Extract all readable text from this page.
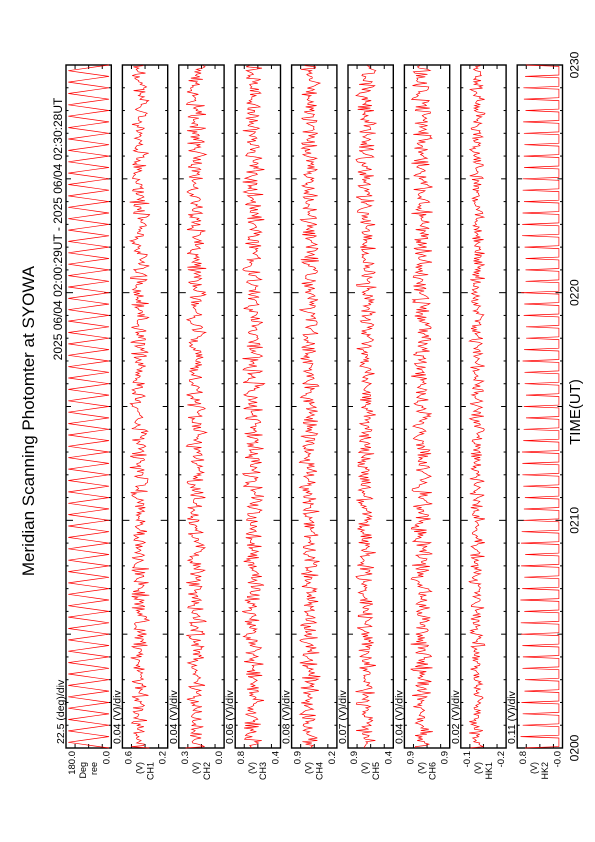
Meridian Scanning Photomter at SYOWA
2025 06/04 02:00:29UT - 2025 06/04 02:30:28UT
TIME(UT)
22.5 (deg)/div
180.0 0.0
Deg ree
0.04 (V)/div
0.6 0.2
(V) CH1
0.04 (V)/div
0.3 0.0
(V) CH2
0.06 (V)/div
0.8 0.4
(V) CH3
0.08 (V)/div
0.9 0.2
(V) CH4
0.07 (V)/div
0.9 0.4
(V) CH5
0.04 (V)/div
0.9 0.9
(V) CH6
0.02 (V)/div
-0.1 -0.2
(V) HK1
0.11 (V)/div
0.8 -0.0
(V) HK2
0200
0210
0220
0230
